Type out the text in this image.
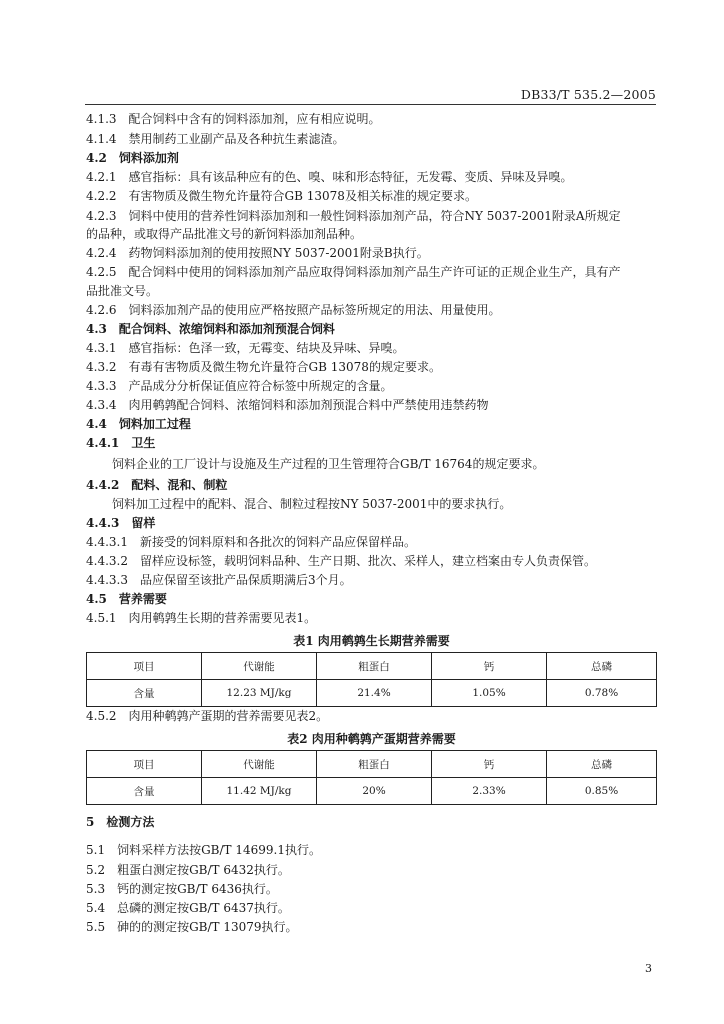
DB33/T 535.2—2005
4.1.3 配合饲料中含有的饲料添加剂，应有相应说明。
4.1.4 禁用制药工业副产品及各种抗生素滤渣。
4.2 饲料添加剂
4.2.1 感官指标：具有该品种应有的色、嗅、味和形态特征，无发霉、变质、异味及异嗅。
4.2.2 有害物质及微生物允许量符合GB 13078及相关标准的规定要求。
4.2.3 饲料中使用的营养性饲料添加剂和一般性饲料添加剂产品，符合NY 5037-2001附录A所规定
的品种，或取得产品批准文号的新饲料添加剂品种。
4.2.4 药物饲料添加剂的使用按照NY 5037-2001附录B执行。
4.2.5 配合饲料中使用的饲料添加剂产品应取得饲料添加剂产品生产许可证的正规企业生产，具有产
品批准文号。
4.2.6 饲料添加剂产品的使用应严格按照产品标签所规定的用法、用量使用。
4.3 配合饲料、浓缩饲料和添加剂预混合饲料
4.3.1 感官指标：色泽一致，无霉变、结块及异味、异嗅。
4.3.2 有毒有害物质及微生物允许量符合GB 13078的规定要求。
4.3.3 产品成分分析保证值应符合标签中所规定的含量。
4.3.4 肉用鹌鹑配合饲料、浓缩饲料和添加剂预混合料中严禁使用违禁药物
4.4 饲料加工过程
4.4.1 卫生
饲料企业的工厂设计与设施及生产过程的卫生管理符合GB/T 16764的规定要求。
4.4.2 配料、混和、制粒
饲料加工过程中的配料、混合、制粒过程按NY 5037-2001中的要求执行。
4.4.3 留样
4.4.3.1 新接受的饲料原料和各批次的饲料产品应保留样品。
4.4.3.2 留样应设标签，载明饲料品种、生产日期、批次、采样人，建立档案由专人负责保管。
4.4.3.3 品应保留至该批产品保质期满后3个月。
4.5 营养需要
4.5.1 肉用鹌鹑生长期的营养需要见表1。
表1 肉用鹌鹑生长期营养需要
项目	代谢能	粗蛋白	钙	总磷
含量	12.23 MJ/kg	21.4%	1.05%	0.78%
4.5.2 肉用种鹌鹑产蛋期的营养需要见表2。
表2 肉用种鹌鹑产蛋期营养需要
项目	代谢能	粗蛋白	钙	总磷
含量	11.42 MJ/kg	20%	2.33%	0.85%
5 检测方法
5.1 饲料采样方法按GB/T 14699.1执行。
5.2 粗蛋白测定按GB/T 6432执行。
5.3 钙的测定按GB/T 6436执行。
5.4 总磷的测定按GB/T 6437执行。
5.5 砷的的测定按GB/T 13079执行。
3
